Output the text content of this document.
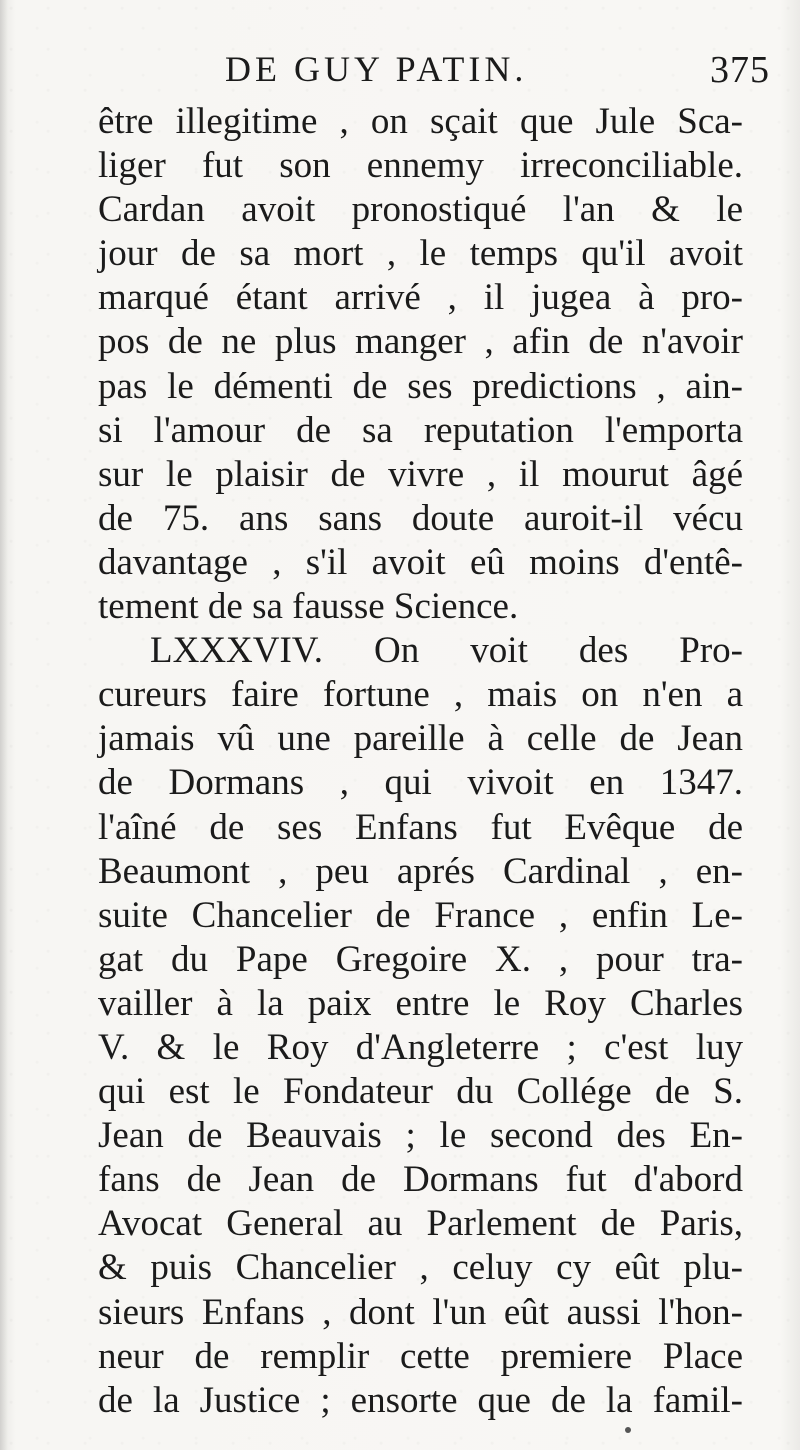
DE GUY PATIN.	375
être illegitime , on sçait que Jule Sca-
liger fut son ennemy irreconciliable.
Cardan avoit pronostiqué l'an & le
jour de sa mort , le temps qu'il avoit
marqué étant arrivé , il jugea à pro-
pos de ne plus manger , afin de n'avoir
pas le démenti de ses predictions , ain-
si l'amour de sa reputation l'emporta
sur le plaisir de vivre , il mourut âgé
de 75. ans sans doute auroit-il vécu
davantage , s'il avoit eû moins d'entê-
tement de sa fausse Science.
LXXXVIV. On voit des Pro-
cureurs faire fortune , mais on n'en a
jamais vû une pareille à celle de Jean
de Dormans , qui vivoit en 1347.
l'aîné de ses Enfans fut Evêque de
Beaumont , peu aprés Cardinal , en-
suite Chancelier de France , enfin Le-
gat du Pape Gregoire X. , pour tra-
vailler à la paix entre le Roy Charles
V. & le Roy d'Angleterre ; c'est luy
qui est le Fondateur du Collége de S.
Jean de Beauvais ; le second des En-
fans de Jean de Dormans fut d'abord
Avocat General au Parlement de Paris,
& puis Chancelier , celuy cy eût plu-
sieurs Enfans , dont l'un eût aussi l'hon-
neur de remplir cette premiere Place
de la Justice ; ensorte que de la famil-
